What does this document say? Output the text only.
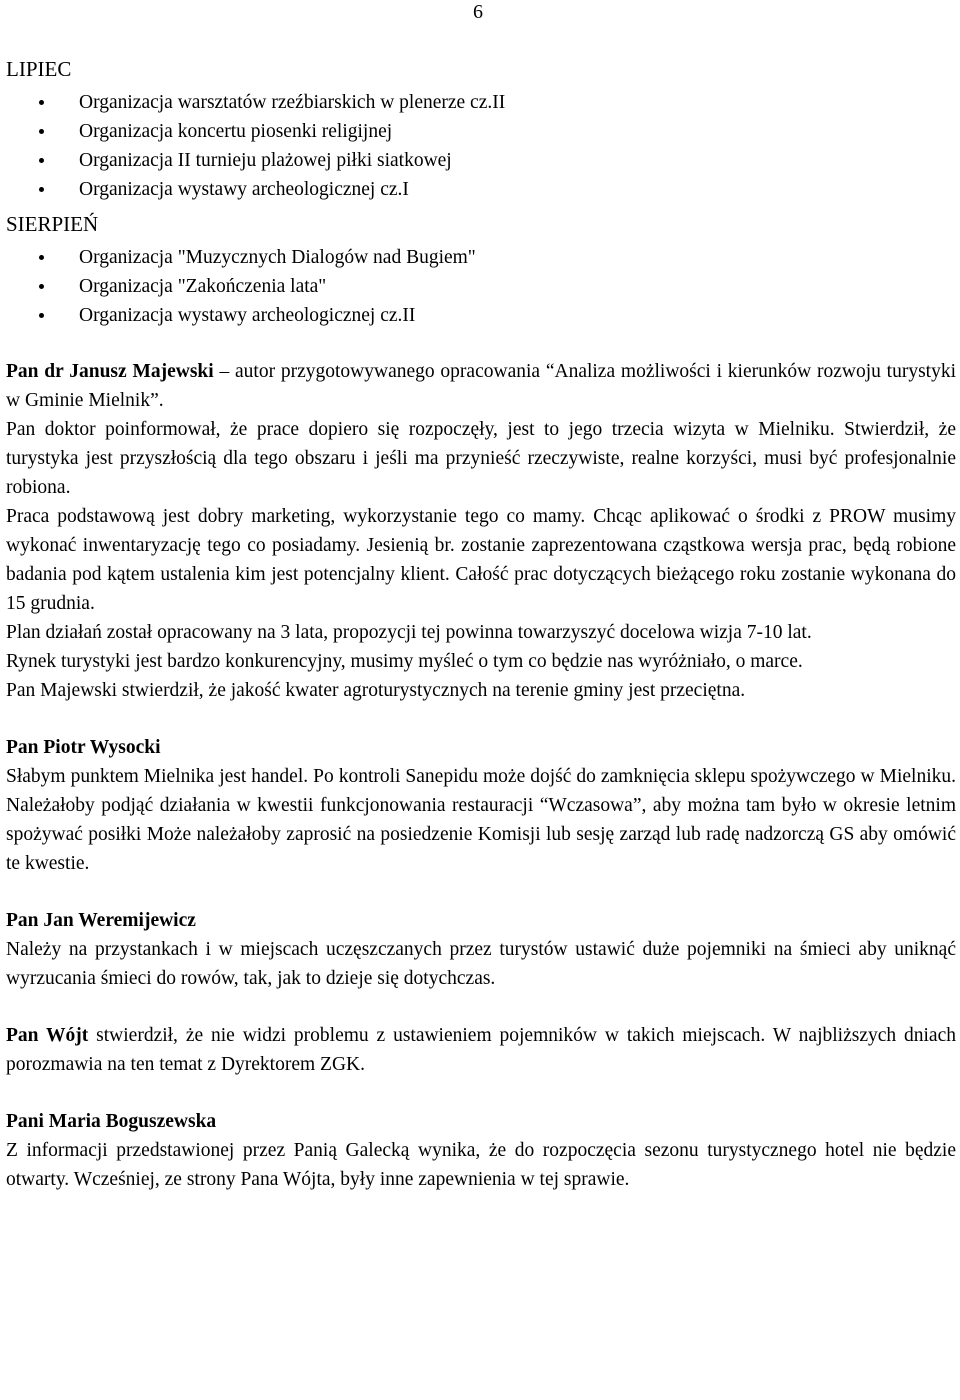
6
LIPIEC
Organizacja warsztatów rzeźbiarskich w plenerze cz.II
Organizacja koncertu piosenki religijnej
Organizacja II turnieju plażowej piłki siatkowej
Organizacja wystawy archeologicznej cz.I
SIERPIEŃ
Organizacja "Muzycznych Dialogów nad Bugiem"
Organizacja "Zakończenia lata"
Organizacja wystawy archeologicznej cz.II

Pan dr Janusz Majewski – autor przygotowywanego opracowania “Analiza możliwości i kierunków rozwoju turystyki w Gminie Mielnik”.

Pan doktor poinformował, że prace dopiero się rozpoczęły, jest to jego trzecia wizyta w Mielniku. Stwierdził, że turystyka jest przyszłością dla tego obszaru i jeśli ma przynieść rzeczywiste, realne korzyści, musi być profesjonalnie robiona.

Praca podstawową jest dobry marketing, wykorzystanie tego co mamy. Chcąc aplikować o środki z PROW musimy wykonać inwentaryzację tego co posiadamy. Jesienią br. zostanie zaprezentowana cząstkowa wersja prac, będą robione badania pod kątem ustalenia kim jest potencjalny klient. Całość prac dotyczących bieżącego roku zostanie wykonana do 15 grudnia.

Plan działań został opracowany na 3 lata, propozycji tej powinna towarzyszyć docelowa wizja 7-10 lat.

Rynek turystyki jest bardzo konkurencyjny, musimy myśleć o tym co będzie nas wyróżniało, o marce.

Pan Majewski stwierdził, że jakość kwater agroturystycznych na terenie gminy jest przeciętna.

Pan Piotr Wysocki

Słabym punktem Mielnika jest handel. Po kontroli Sanepidu może dojść do zamknięcia sklepu spożywczego w Mielniku. Należałoby podjąć działania w kwestii funkcjonowania restauracji “Wczasowa”, aby można tam było w okresie letnim spożywać posiłki Może należałoby zaprosić na posiedzenie Komisji lub sesję zarząd lub radę nadzorczą GS aby omówić te kwestie.

Pan Jan Weremijewicz

Należy na przystankach i w miejscach uczęszczanych przez turystów ustawić duże pojemniki na śmieci aby uniknąć wyrzucania śmieci do rowów, tak, jak to dzieje się dotychczas.

Pan Wójt stwierdził, że nie widzi problemu z ustawieniem pojemników w takich miejscach. W najbliższych dniach porozmawia na ten temat z Dyrektorem ZGK.

Pani Maria Boguszewska

Z informacji przedstawionej przez Panią Galecką wynika, że do rozpoczęcia sezonu turystycznego hotel nie będzie otwarty. Wcześniej, ze strony Pana Wójta, były inne zapewnienia w tej sprawie.
